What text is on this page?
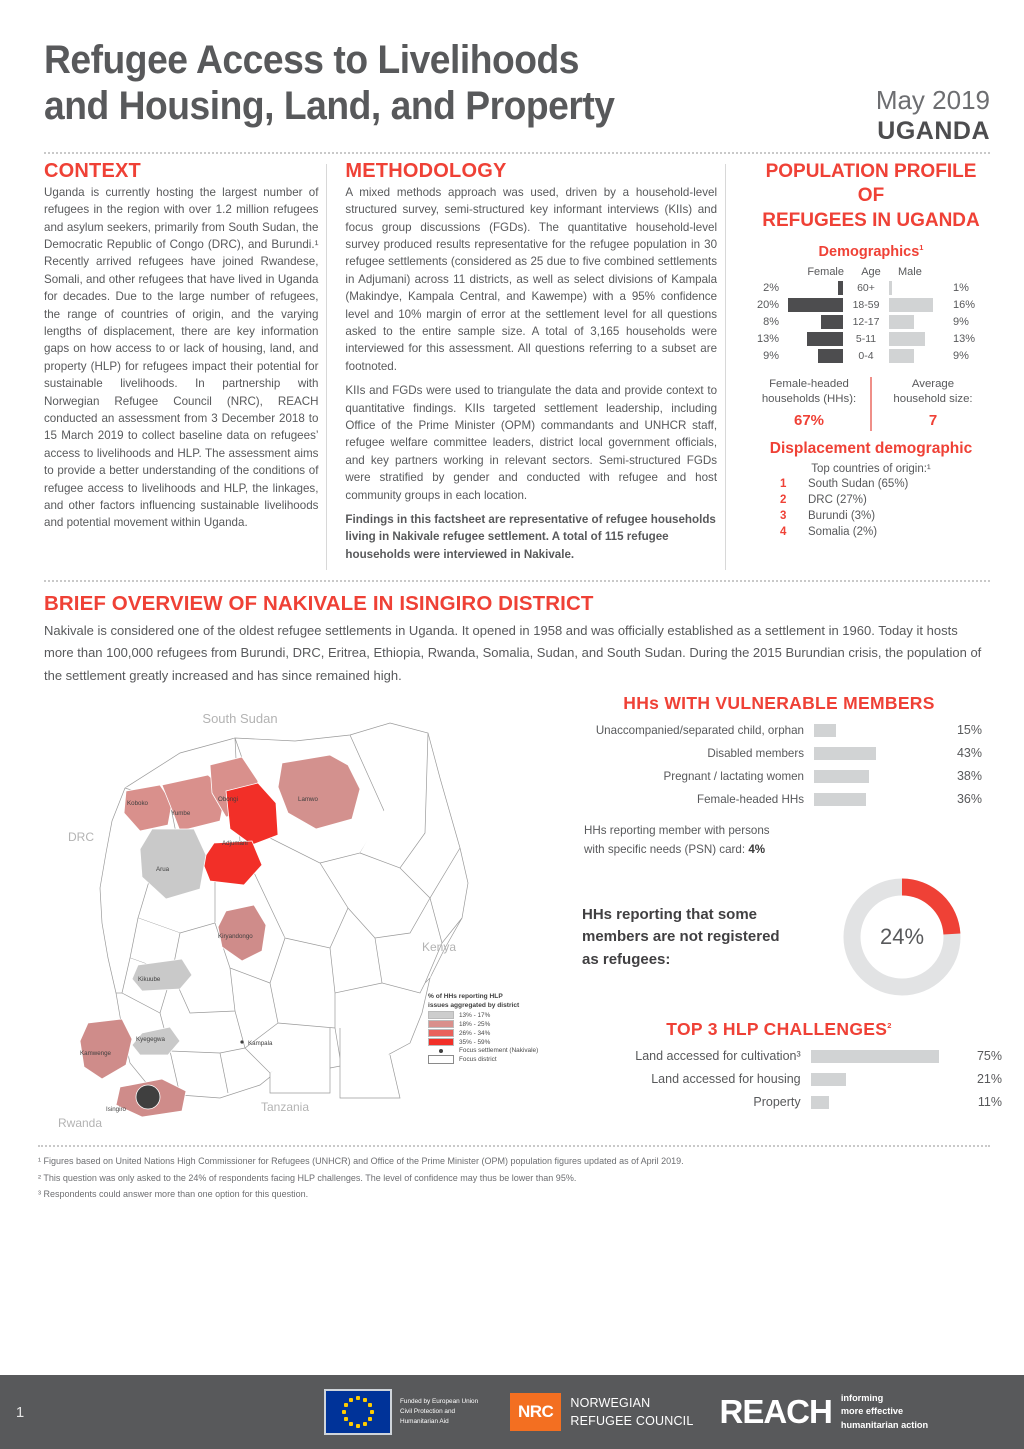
Refugee Access to Livelihoods
and Housing, Land, and Property	May 2019
UGANDA
CONTEXT

Uganda is currently hosting the largest number of refugees in the region with over 1.2 million refugees and asylum seekers, primarily from South Sudan, the Democratic Republic of Congo (DRC), and Burundi.¹ Recently arrived refugees have joined Rwandese, Somali, and other refugees that have lived in Uganda for decades. Due to the large number of refugees, the range of countries of origin, and the varying lengths of displacement, there are key information gaps on how access to or lack of housing, land, and property (HLP) for refugees impact their potential for sustainable livelihoods. In partnership with Norwegian Refugee Council (NRC), REACH conducted an assessment from 3 December 2018 to 15 March 2019 to collect baseline data on refugees’ access to livelihoods and HLP. The assessment aims to provide a better understanding of the conditions of refugee access to livelihoods and HLP, the linkages, and other factors influencing sustainable livelihoods and potential movement within Uganda.

METHODOLOGY

A mixed methods approach was used, driven by a household-level structured survey, semi-structured key informant interviews (KIIs) and focus group discussions (FGDs). The quantitative household-level survey produced results representative for the refugee population in 30 refugee settlements (considered as 25 due to five combined settlements in Adjumani) across 11 districts, as well as select divisions of Kampala (Makindye, Kampala Central, and Kawempe) with a 95% confidence level and 10% margin of error at the settlement level for all questions asked to the entire sample size. A total of 3,165 households were interviewed for this assessment. All questions referring to a subset are footnoted.

KIIs and FGDs were used to triangulate the data and provide context to quantitative findings. KIIs targeted settlement leadership, including Office of the Prime Minister (OPM) commandants and UNHCR staff, refugee welfare committee leaders, district local government officials, and key partners working in relevant sectors. Semi-structured FGDs were stratified by gender and conducted with refugee and host community groups in each location.

Findings in this factsheet are representative of refugee households living in Nakivale refugee settlement. A total of 115 refugee households were interviewed in Nakivale.

POPULATION PROFILE OF
REFUGEES IN UGANDA
Demographics$^1$
Female	Age	Male
2%	60+	1%
20%	18-59	16%
8%	12-17	9%
13%	5-11	13%
9%	0-4	9%
Female-headed
households (HHs):
67%
Average
household size:
7
Displacement demographic
Top countries of origin:¹
1	South Sudan (65%)
2	DRC (27%)
3	Burundi (3%)
4	Somalia (2%)
BRIEF OVERVIEW OF NAKIVALE IN ISINGIRO DISTRICT
Nakivale is considered one of the oldest refugee settlements in Uganda. It opened in 1958 and was officially established as a settlement in 1960. Today it hosts more than 100,000 refugees from Burundi, DRC, Eritrea, Ethiopia, Rwanda, Somalia, Sudan, and South Sudan. During the 2015 Burundian crisis, the population of the settlement greatly increased and has since remained high.
South Sudan
DRC
Kenya
Tanzania
Rwanda
Koboko
Yumbe
Obongi	Lamwo
Adjumani
Arua
Kiryandongo
Kikuube
Kyegegwa
Kamwenge
Isingiro
Kampala
% of HHs reporting HLP
issues aggregated by district
13% - 17%
18% - 25%
26% - 34%
35% - 59%
Focus settlement (Nakivale)
Focus district
HHs WITH VULNERABLE MEMBERS
Unaccompanied/separated child, orphan	15%
Disabled members	43%
Pregnant / lactating women	38%
Female-headed HHs	36%
HHs reporting member with persons
with specific needs (PSN) card: 4%
HHs reporting that some
members are not registered
as refugees:
24%
TOP 3 HLP CHALLENGES$^2$
Land accessed for cultivation³	75%
Land accessed for housing	21%
Property	11%
¹ Figures based on United Nations High Commissioner for Refugees (UNHCR) and Office of the Prime Minister (OPM) population figures updated as of April 2019.
² This question was only asked to the 24% of respondents facing HLP challenges. The level of confidence may thus be lower than 95%.
³ Respondents could answer more than one option for this question.
1
Funded by European Union Civil Protection and Humanitarian Aid
NRC	NORWEGIAN
REFUGEE COUNCIL REACH informing
more effective
humanitarian action
